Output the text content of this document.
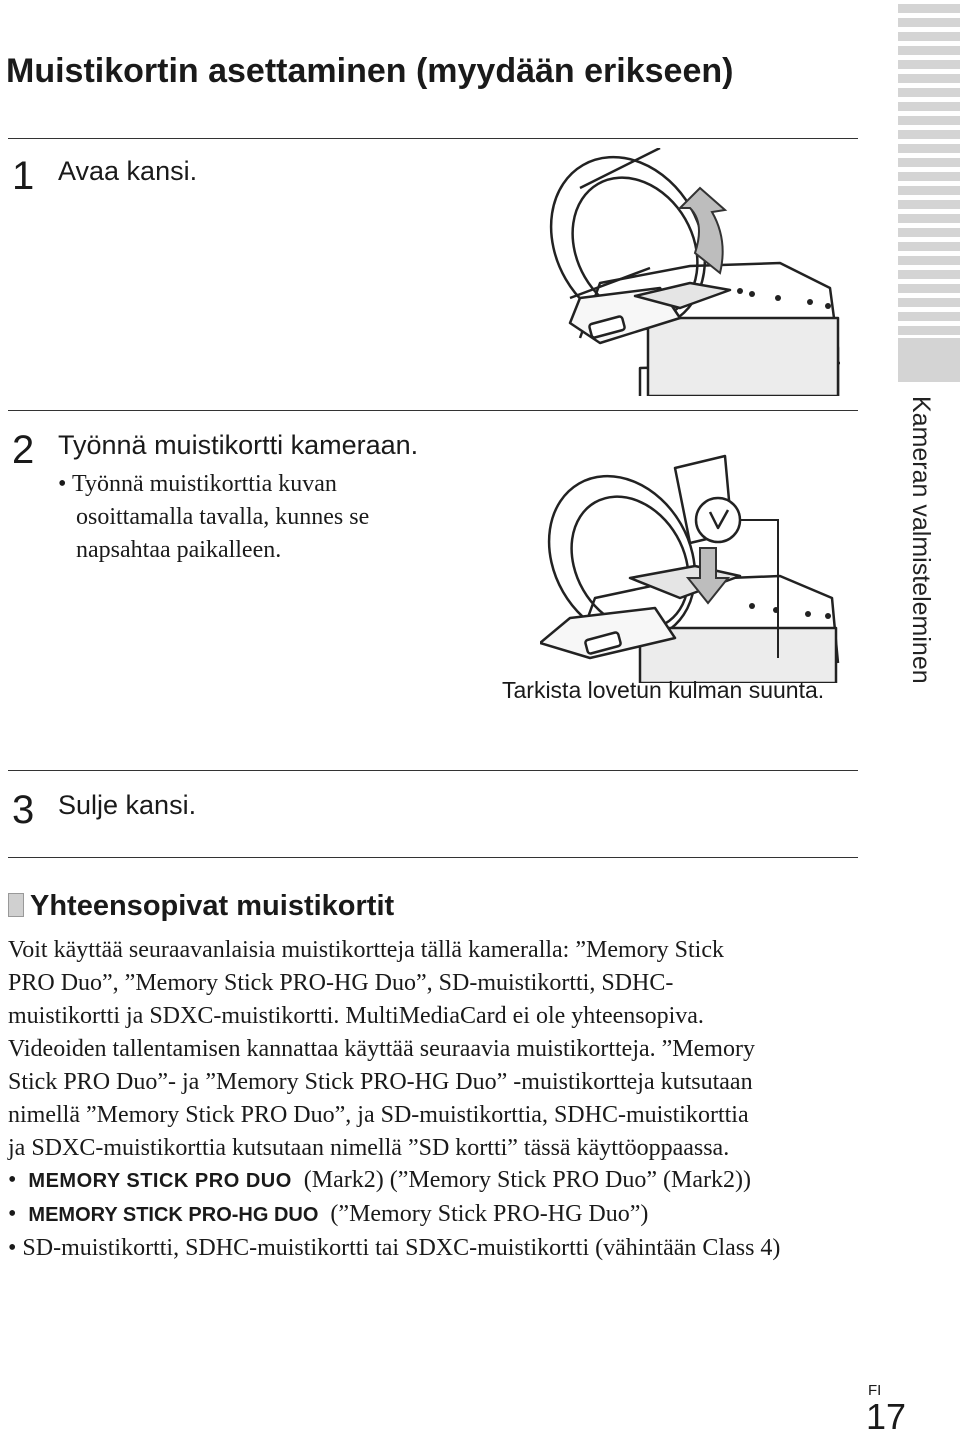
Muistikortin asettaminen (myydään erikseen)
Kameran valmisteleminen
1 Avaa kansi.
2 Työnnä muistikortti kameraan.
• Työnnä muistikorttia kuvan
osoittamalla tavalla, kunnes se
napsahtaa paikalleen.
Tarkista lovetun kulman suunta.
3 Sulje kansi.
Yhteensopivat muistikortit
Voit käyttää seuraavanlaisia muistikortteja tällä kameralla: ”Memory Stick
PRO Duo”, ”Memory Stick PRO-HG Duo”, SD-muistikortti, SDHC-
muistikortti ja SDXC-muistikortti. MultiMediaCard ei ole yhteensopiva.
Videoiden tallentamisen kannattaa käyttää seuraavia muistikortteja. ”Memory
Stick PRO Duo”- ja ”Memory Stick PRO-HG Duo” -muistikortteja kutsutaan
nimellä ”Memory Stick PRO Duo”, ja SD-muistikorttia, SDHC-muistikorttia
ja SDXC-muistikorttia kutsutaan nimellä ”SD kortti” tässä käyttöoppaassa.
•  MEMORY STICK PRO DUO (Mark2) (”Memory Stick PRO Duo” (Mark2))
•  MEMORY STICK PRO-HG DUO (”Memory Stick PRO-HG Duo”)
• SD-muistikortti, SDHC-muistikortti tai SDXC-muistikortti (vähintään Class 4)
FI
17
